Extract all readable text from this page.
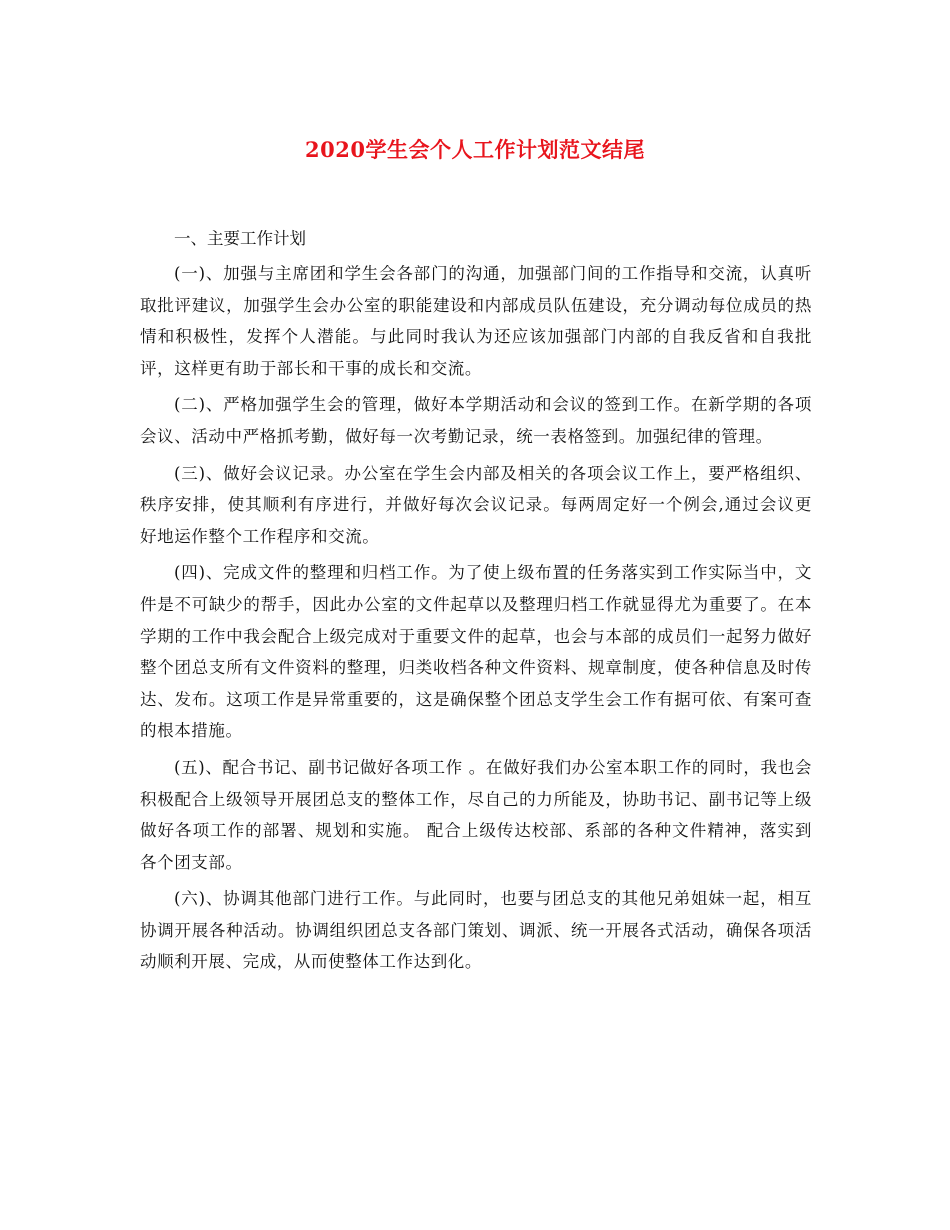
2020学生会个人工作计划范文结尾

一、主要工作计划

(一)、加强与主席团和学生会各部门的沟通，加强部门间的工作指导和交流，认真听取批评建议，加强学生会办公室的职能建设和内部成员队伍建设，充分调动每位成员的热情和积极性，发挥个人潜能。与此同时我认为还应该加强部门内部的自我反省和自我批评，这样更有助于部长和干事的成长和交流。

(二)、严格加强学生会的管理，做好本学期活动和会议的签到工作。在新学期的各项会议、活动中严格抓考勤，做好每一次考勤记录，统一表格签到。加强纪律的管理。

(三)、做好会议记录。办公室在学生会内部及相关的各项会议工作上，要严格组织、秩序安排，使其顺利有序进行，并做好每次会议记录。每两周定好一个例会,通过会议更好地运作整个工作程序和交流。

(四)、完成文件的整理和归档工作。为了使上级布置的任务落实到工作实际当中，文件是不可缺少的帮手，因此办公室的文件起草以及整理归档工作就显得尤为重要了。在本学期的工作中我会配合上级完成对于重要文件的起草，也会与本部的成员们一起努力做好整个团总支所有文件资料的整理，归类收档各种文件资料、规章制度，使各种信息及时传达、发布。这项工作是异常重要的，这是确保整个团总支学生会工作有据可依、有案可查的根本措施。

(五)、配合书记、副书记做好各项工作 。在做好我们办公室本职工作的同时，我也会积极配合上级领导开展团总支的整体工作，尽自己的力所能及，协助书记、副书记等上级做好各项工作的部署、规划和实施。 配合上级传达校部、系部的各种文件精神，落实到各个团支部。

(六)、协调其他部门进行工作。与此同时，也要与团总支的其他兄弟姐妹一起，相互协调开展各种活动。协调组织团总支各部门策划、调派、统一开展各式活动，确保各项活动顺利开展、完成，从而使整体工作达到化。
